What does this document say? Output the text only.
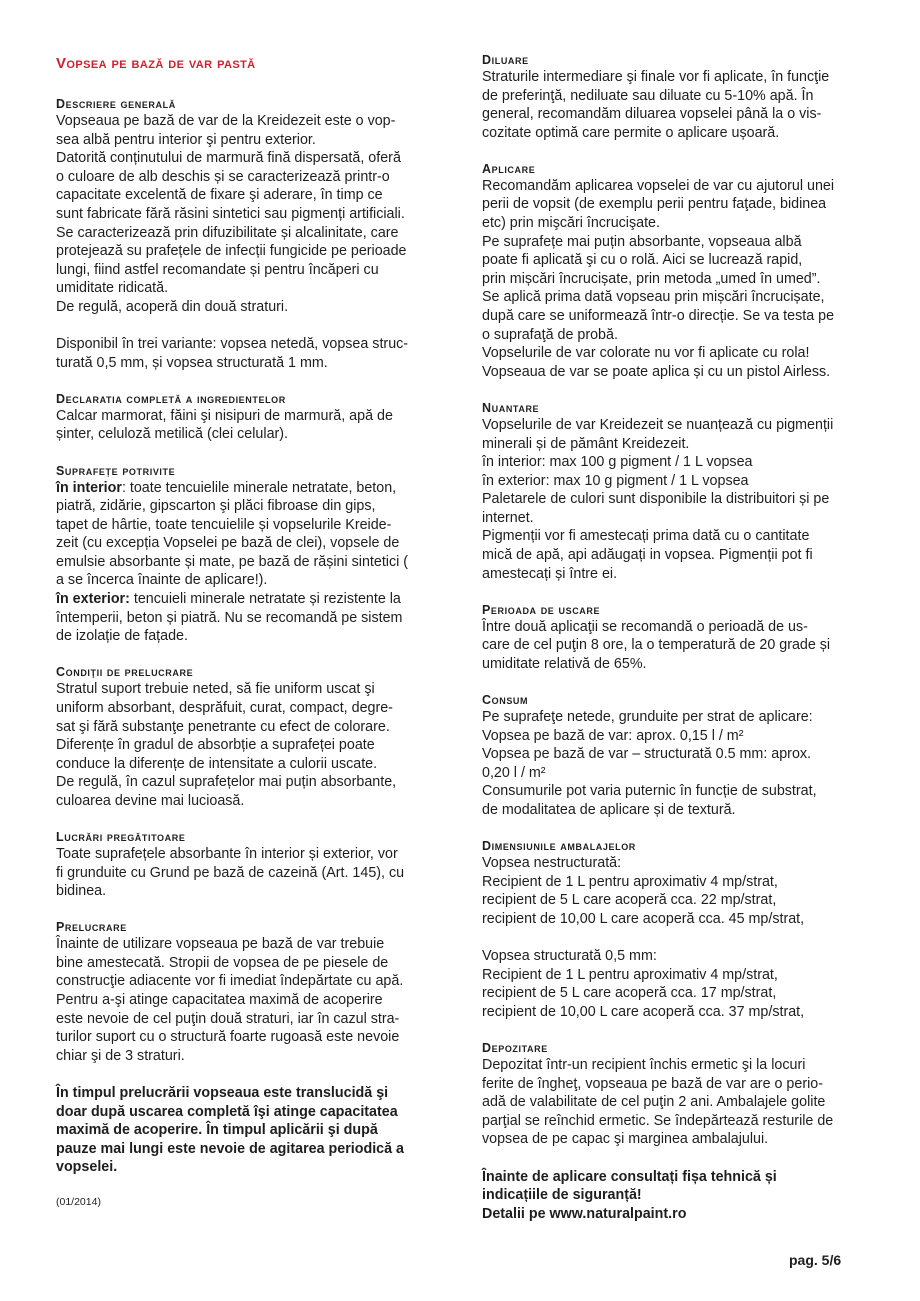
Vopsea pe bază de var pastă
Descriere generală
Vopseaua pe bază de var de la Kreidezeit este o vop-
sea albă pentru interior şi pentru exterior.
Datorită conținutului de marmură fină dispersată, oferă
o culoare de alb deschis și se caracterizează printr-o
capacitate excelentă de fixare şi aderare, în timp ce
sunt fabricate fără răsini sintetici sau pigmenți artificiali.
Se caracterizează prin difuzibilitate și alcalinitate, care
protejează su prafețele de infecții fungicide pe perioade
lungi, fiind astfel recomandate și pentru încăperi cu
umiditate ridicată.
De regulă, acoperă din două straturi.
Disponibil în trei variante: vopsea netedă, vopsea struc-
turată 0,5 mm, și vopsea structurată 1 mm.
Declaratia completă a ingredientelor
Calcar marmorat, făini şi nisipuri de marmură, apă de
șinter, celuloză metilică (clei celular).
Suprafețe potrivite
în interior: toate tencuielile minerale netratate, beton,
piatră, zidărie, gipscarton şi plăci fibroase din gips,
tapet de hârtie, toate tencuielile și vopselurile Kreide-
zeit (cu excepția Vopselei pe bază de clei), vopsele de
emulsie absorbante și mate, pe bază de rășini sintetici (
a se încerca înainte de aplicare!).
în exterior: tencuieli minerale netratate și rezistente la
întemperii, beton și piatră. Nu se recomandă pe sistem
de izolație de fațade.
Condiţii de prelucrare
Stratul suport trebuie neted, să fie uniform uscat şi
uniform absorbant, desprăfuit, curat, compact, degre-
sat şi fără substanţe penetrante cu efect de colorare.
Diferențe în gradul de absorbție a suprafeței poate
conduce la diferențe de intensitate a culorii uscate.
De regulă, în cazul suprafețelor mai puțin absorbante,
culoarea devine mai lucioasă.
Lucrări pregătitoare
Toate suprafețele absorbante în interior și exterior, vor
fi grunduite cu Grund pe bază de cazeină (Art. 145), cu
bidinea.
Prelucrare
Înainte de utilizare vopseaua pe bază de var trebuie
bine amestecată. Stropii de vopsea de pe piesele de
construcţie adiacente vor fi imediat îndepărtate cu apă.
Pentru a-şi atinge capacitatea maximă de acoperire
este nevoie de cel puţin două straturi, iar în cazul stra-
turilor suport cu o structură foarte rugoasă este nevoie
chiar şi de 3 straturi.
În timpul prelucrării vopseaua este translucidă şi
doar după uscarea completă îşi atinge capacitatea
maximă de acoperire. În timpul aplicării şi după
pauze mai lungi este nevoie de agitarea periodică a
vopselei.
(01/2014)
Diluare
Straturile intermediare şi finale vor fi aplicate, în funcţie
de preferinţă, nediluate sau diluate cu 5-10% apă. În
general, recomandăm diluarea vopselei până la o vis-
cozitate optimă care permite o aplicare ușoară.
Aplicare
Recomandăm aplicarea vopselei de var cu ajutorul unei
perii de vopsit (de exemplu perii pentru faţade, bidinea
etc) prin mişcări încrucişate.
Pe suprafețe mai puțin absorbante, vopseaua albă
poate fi aplicată şi cu o rolă. Aici se lucrează rapid,
prin mișcări încrucișate, prin metoda „umed în umed”.
Se aplică prima dată vopseau prin mișcări încrucișate,
după care se uniformează într-o direcție. Se va testa pe
o suprafaţă de probă.
Vopselurile de var colorate nu vor fi aplicate cu rola!
Vopseaua de var se poate aplica și cu un pistol Airless.
Nuantare
Vopselurile de var Kreidezeit se nuanțează cu pigmenții
minerali și de pământ Kreidezeit.
în interior: max 100 g pigment / 1 L vopsea
în exterior: max 10 g pigment / 1 L vopsea
Paletarele de culori sunt disponibile la distribuitori și pe
internet.
Pigmenții vor fi amestecați prima dată cu o cantitate
mică de apă, api adăugați in vopsea. Pigmenții pot fi
amestecați și între ei.
Perioada de uscare
Între două aplicaţii se recomandă o perioadă de us-
care de cel puţin 8 ore, la o temperatură de 20 grade și
umiditate relativă de 65%.
Consum
Pe suprafeţe netede, grunduite per strat de aplicare:
Vopsea pe bază de var: aprox. 0,15 l / m²
Vopsea pe bază de var – structurată 0.5 mm: aprox.
0,20 l / m²
Consumurile pot varia puternic în funcție de substrat,
de modalitatea de aplicare și de textură.
Dimensiunile ambalajelor
Vopsea nestructurată:
Recipient de 1 L pentru aproximativ 4 mp/strat,
recipient de 5 L care acoperă cca. 22 mp/strat,
recipient de 10,00 L care acoperă cca. 45 mp/strat,
Vopsea structurată 0,5 mm:
Recipient de 1 L pentru aproximativ 4 mp/strat,
recipient de 5 L care acoperă cca. 17 mp/strat,
recipient de 10,00 L care acoperă cca. 37 mp/strat,
Depozitare
Depozitat într-un recipient închis ermetic şi la locuri
ferite de îngheţ, vopseaua pe bază de var are o perio-
adă de valabilitate de cel puţin 2 ani. Ambalajele golite
parţial se reînchid ermetic. Se îndepărtează resturile de
vopsea de pe capac şi marginea ambalajului.
Înainte de aplicare consultați fișa tehnică și
indicațiile de siguranță!
Detalii pe www.naturalpaint.ro
pag. 5/6
